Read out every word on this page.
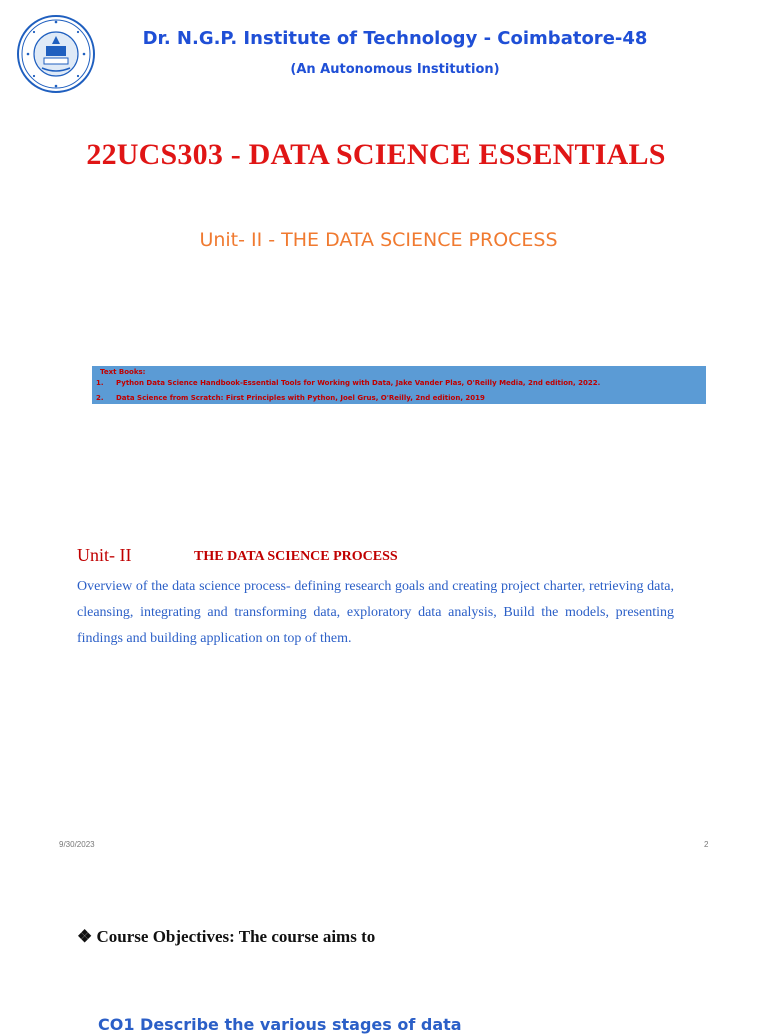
Dr. N.G.P. Institute of Technology - Coimbatore-48
(An Autonomous Institution)
22UCS303 - DATA SCIENCE ESSENTIALS
Unit- II - THE DATA SCIENCE PROCESS
Text Books:
1. Python Data Science Handbook-Essential Tools for Working with Data, Jake Vander Plas, O'Reilly Media, 2nd edition, 2022.
2. Data Science from Scratch: First Principles with Python, Joel Grus, O'Reilly, 2nd edition, 2019
Unit- II	THE DATA SCIENCE PROCESS
Overview of the data science process- defining research goals and creating project charter, retrieving data, cleansing, integrating and transforming data, exploratory data analysis, Build the models, presenting findings and building application on top of them.
9/30/2023	2
❖ Course Objectives: The course aims to
CO1 Describe the various stages of data
